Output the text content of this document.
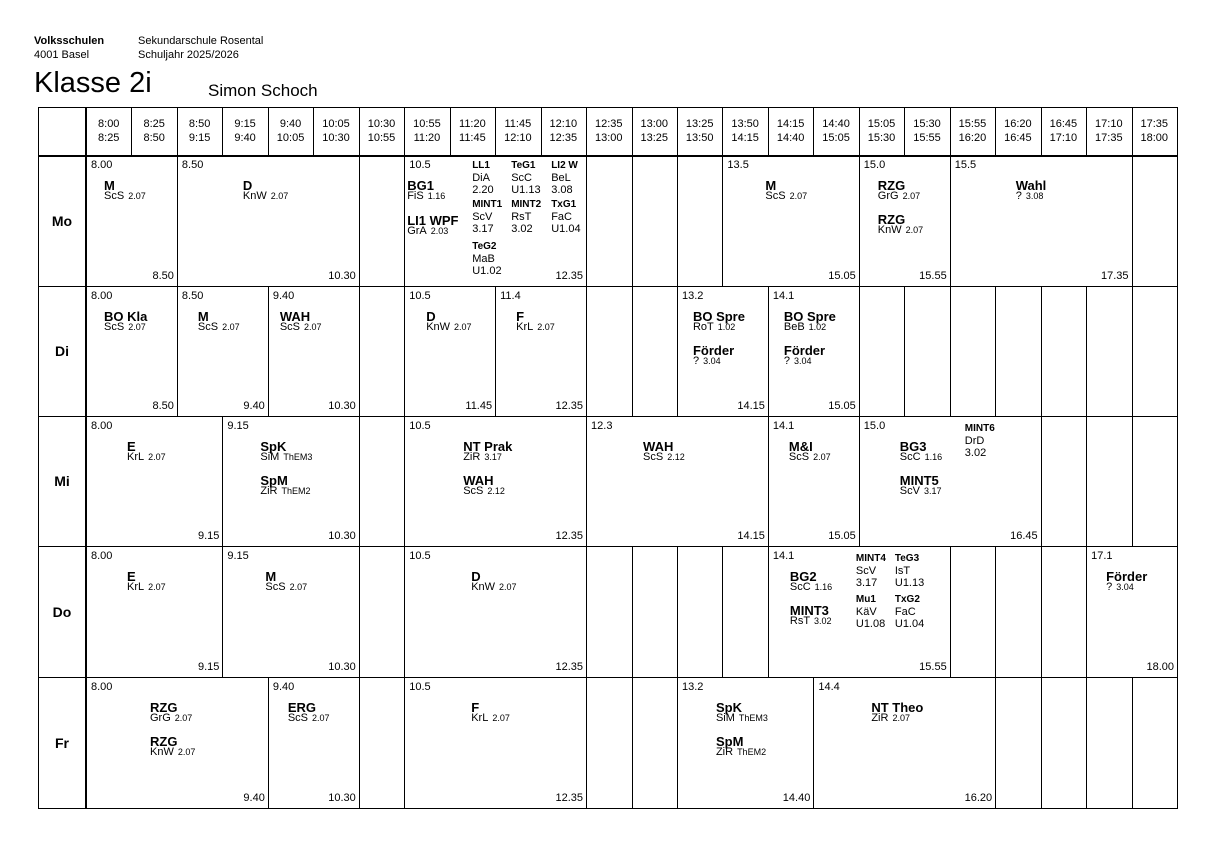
Volksschulen
4001 Basel
Sekundarschule Rosental
Schuljahr 2025/2026
Klasse 2i	Simon Schoch
8:00
8:25
8:25
8:50
8:50
9:15
9:15
9:40
9:40
10:05
10:05
10:30
10:30
10:55
10:55
11:20
11:20
11:45
11:45
12:10
12:10
12:35
12:35
13:00
13:00
13:25
13:25
13:50
13:50
14:15
14:15
14:40
14:40
15:05
15:05
15:30
15:30
15:55
15:55
16:20
16:20
16:45
16:45
17:10
17:10
17:35
17:35
18:00
Mo
Di
Mi
Do
Fr
8.00
8.50
M
ScS $^{2.07}$
8.50
10.30
D
KnW $^{2.07}$
10.5
12.35
BG1
FiS $^{1.16}$
LI1 WPF
GrA $^{2.03}$
LL1
DiA
2.20
TeG1
ScC
U1.13
LI2 W
BeL
3.08
MINT1
ScV
3.17
MINT2
RsT
3.02
TxG1
FaC
U1.04
TeG2
MaB
U1.02
13.5
15.05
M
ScS $^{2.07}$
15.0
15.55
RZG
GrG $^{2.07}$
RZG
KnW $^{2.07}$
15.5
17.35
Wahl
? $^{3.08}$
8.00
8.50
BO Kla
ScS $^{2.07}$
8.50
9.40
M
ScS $^{2.07}$
9.40
10.30
WAH
ScS $^{2.07}$
10.5
11.45
D
KnW $^{2.07}$
11.4
12.35
F
KrL $^{2.07}$
13.2
14.15
BO Spre
RoT $^{1.02}$
Förder
? $^{3.04}$
14.1
15.05
BO Spre
BeB $^{1.02}$
Förder
? $^{3.04}$
8.00
9.15
E
KrL $^{2.07}$
9.15
10.30
SpK
SiM $^{ThEM3}$
SpM
ZiR $^{ThEM2}$
10.5
12.35
NT Prak
ZiR $^{3.17}$
WAH
ScS $^{2.12}$
12.3
14.15
WAH
ScS $^{2.12}$
14.1
15.05
M&I
ScS $^{2.07}$
15.0
16.45
BG3
ScC $^{1.16}$
MINT5
ScV $^{3.17}$
MINT6
DrD
3.02
8.00
9.15
E
KrL $^{2.07}$
9.15
10.30
M
ScS $^{2.07}$
10.5
12.35
D
KnW $^{2.07}$
14.1
15.55
BG2
ScC $^{1.16}$
MINT3
RsT $^{3.02}$
MINT4
ScV
3.17
TeG3
IsT
U1.13
Mu1
KäV
U1.08
TxG2
FaC
U1.04
17.1
18.00
Förder
? $^{3.04}$
8.00
9.40
RZG
GrG $^{2.07}$
RZG
KnW $^{2.07}$
9.40
10.30
ERG
ScS $^{2.07}$
10.5
12.35
F
KrL $^{2.07}$
13.2
14.40
SpK
SiM $^{ThEM3}$
SpM
ZiR $^{ThEM2}$
14.4
16.20
NT Theo
ZiR $^{2.07}$
